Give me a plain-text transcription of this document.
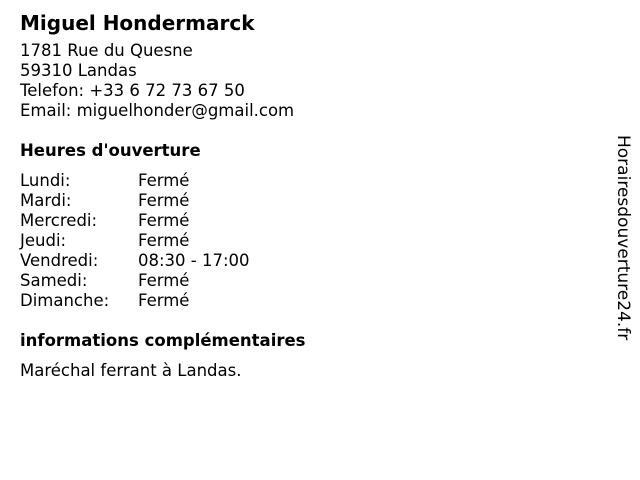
Miguel Hondermarck
1781 Rue du Quesne
59310 Landas
Telefon: +33 6 72 73 67 50
Email: miguelhonder@gmail.com
Heures d'ouverture
Lundi:	Fermé
Mardi:	Fermé
Mercredi:	Fermé
Jeudi:	Fermé
Vendredi:	08:30 - 17:00
Samedi:	Fermé
Dimanche:	Fermé
informations complémentaires
Maréchal ferrant à Landas.
Horairesdouverture24.fr
